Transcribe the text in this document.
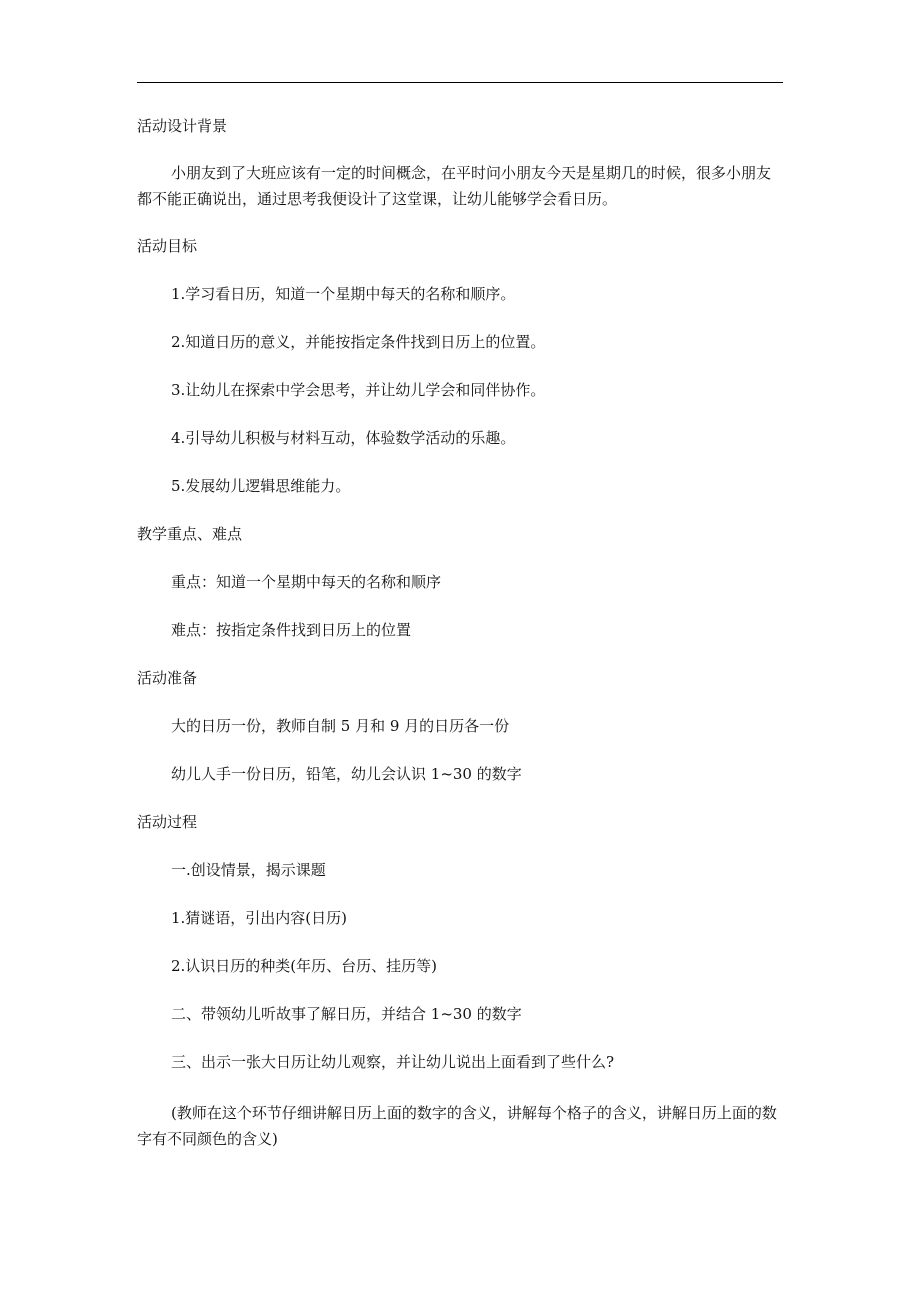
活动设计背景
小朋友到了大班应该有一定的时间概念，在平时问小朋友今天是星期几的时候，很多小朋友都不能正确说出，通过思考我便设计了这堂课，让幼儿能够学会看日历。
活动目标
1.学习看日历，知道一个星期中每天的名称和顺序。
2.知道日历的意义，并能按指定条件找到日历上的位置。
3.让幼儿在探索中学会思考，并让幼儿学会和同伴协作。
4.引导幼儿积极与材料互动，体验数学活动的乐趣。
5.发展幼儿逻辑思维能力。
教学重点、难点
重点：知道一个星期中每天的名称和顺序
难点：按指定条件找到日历上的位置
活动准备
大的日历一份，教师自制 5 月和 9 月的日历各一份
幼儿人手一份日历，铅笔，幼儿会认识 1~30 的数字
活动过程
一.创设情景，揭示课题
1.猜谜语，引出内容(日历)
2.认识日历的种类(年历、台历、挂历等)
二、带领幼儿听故事了解日历，并结合 1~30 的数字
三、出示一张大日历让幼儿观察，并让幼儿说出上面看到了些什么?
(教师在这个环节仔细讲解日历上面的数字的含义，讲解每个格子的含义，讲解日历上面的数字有不同颜色的含义)
